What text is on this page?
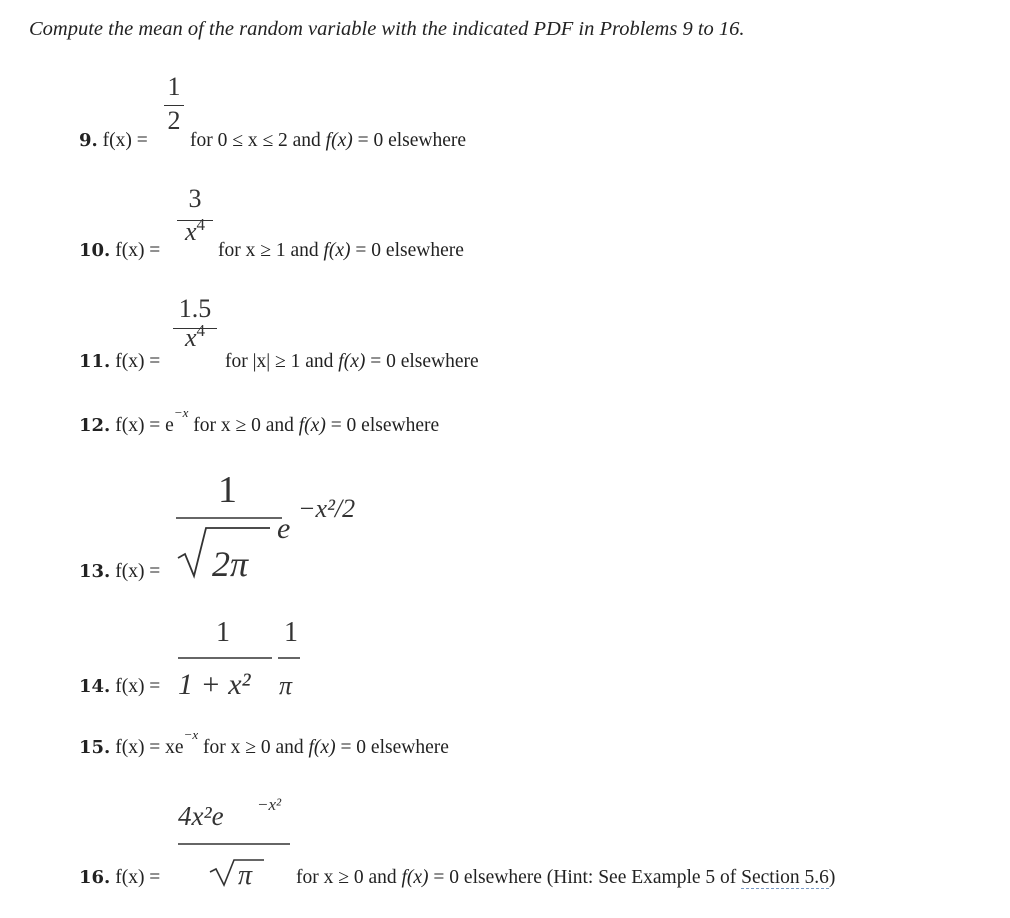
Compute the mean of the random variable with the indicated PDF in Problems 9 to 16.
1
2
9. f(x) = for 0 ≤ x ≤ 2 and f(x) = 0 elsewhere
3
$x^4$
10. f(x) =	for x ≥ 1 and f(x) = 0 elsewhere
1.5
$x^4$
11. f(x) =	for |x| ≥ 1 and f(x) = 0 elsewhere
12. $f(x) = e^{-x}$ for x ≥ 0 and f(x) = 0 elsewhere
1
2π
e
−x²/2
13. f(x) =
1
1 + x²
1
π
14. f(x) =
15. $f(x) = xe^{-x}$ for x ≥ 0 and f(x) = 0 elsewhere
4x²e −x²
π
16. f(x) =	for x ≥ 0 and f(x) = 0 elsewhere (Hint: See Example 5 of Section 5.6)
